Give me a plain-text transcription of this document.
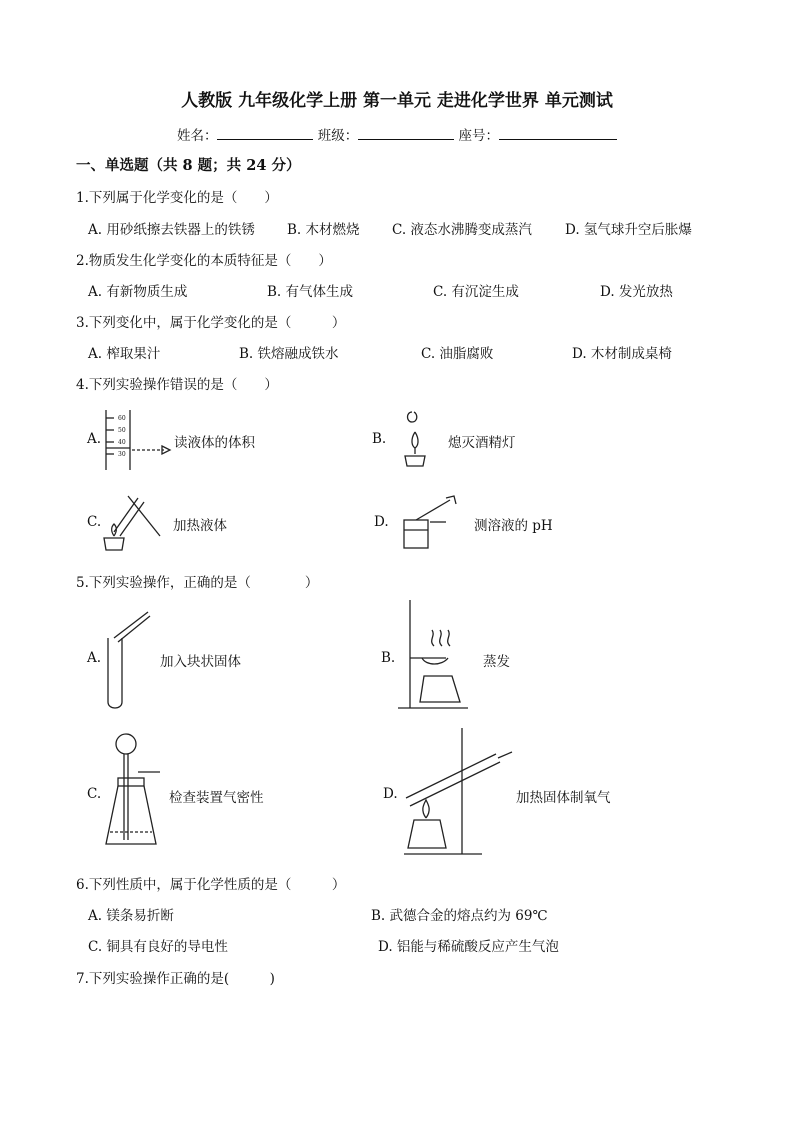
人教版 九年级化学上册 第一单元 走进化学世界 单元测试
姓名：	班级：	座号：
一、单选题（共 8 题；共 24 分）
1.下列属于化学变化的是（　　）
A. 用砂纸擦去铁器上的铁锈 B. 木材燃烧 C. 液态水沸腾变成蒸汽 D. 氢气球升空后胀爆
2.物质发生化学变化的本质特征是（　　）
A. 有新物质生成	B. 有气体生成	C. 有沉淀生成	D. 发光放热
3.下列变化中，属于化学变化的是（　　　）
A. 榨取果汁	B. 铁熔融成铁水	C. 油脂腐败	D. 木材制成桌椅
4.下列实验操作错误的是（　　）
A.
60
50
40
30
读液体的体积	B.	熄灭酒精灯
C.	加热液体	D.	测溶液的 pH
5.下列实验操作，正确的是（　　　　）
A.	加入块状固体	B.	蒸发
C.	检查装置气密性	D.	加热固体制氧气
6.下列性质中，属于化学性质的是（　　　）
A. 镁条易折断	B. 武德合金的熔点约为 69℃
C. 铜具有良好的导电性	D. 铝能与稀硫酸反应产生气泡
7.下列实验操作正确的是(　　　)
